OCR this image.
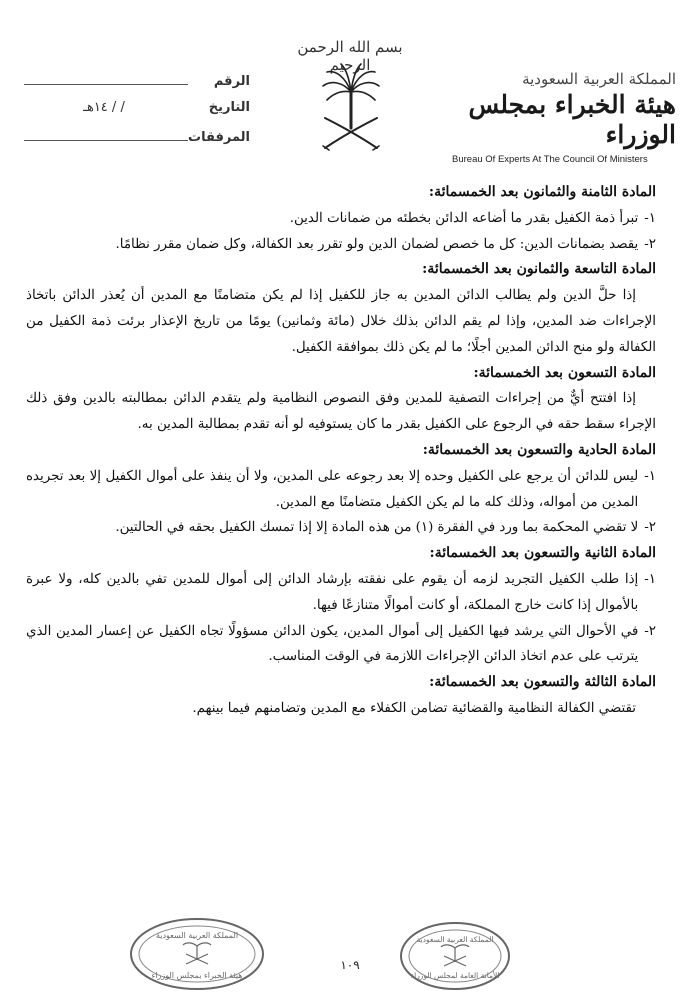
بسم الله الرحمن الرحيم
الرقم
التاريخ
/ / ١٤هـ
المرفقات
المملكة العربية السعودية
هيئة الخبراء بمجلس الوزراء
Bureau Of Experts At The Council Of Ministers

المادة الثامنة والثمانون بعد الخمسمائة:

١-
تبرأ ذمة الكفيل بقدر ما أضاعه الدائن بخطئه من ضمانات الدين.
٢-
يقصد بضمانات الدين: كل ما خصص لضمان الدين ولو تقرر بعد الكفالة، وكل ضمان مقرر نظامًا.

المادة التاسعة والثمانون بعد الخمسمائة:

إذا حلَّ الدين ولم يطالب الدائن المدين به جاز للكفيل إذا لم يكن متضامنًا مع المدين أن يُعذر الدائن باتخاذ الإجراءات ضد المدين، وإذا لم يقم الدائن بذلك خلال (مائة وثمانين) يومًا من تاريخ الإعذار برئت ذمة الكفيل من الكفالة ولو منح الدائن المدين أجلًا؛ ما لم يكن ذلك بموافقة الكفيل.

المادة التسعون بعد الخمسمائة:

إذا افتتح أيٌّ من إجراءات التصفية للمدين وفق النصوص النظامية ولم يتقدم الدائن بمطالبته بالدين وفق ذلك الإجراء سقط حقه في الرجوع على الكفيل بقدر ما كان يستوفيه لو أنه تقدم بمطالبة المدين به.

المادة الحادية والتسعون بعد الخمسمائة:

١-
ليس للدائن أن يرجع على الكفيل وحده إلا بعد رجوعه على المدين، ولا أن ينفذ على أموال الكفيل إلا بعد تجريده المدين من أمواله، وذلك كله ما لم يكن الكفيل متضامنًا مع المدين.
٢-
لا تقضي المحكمة بما ورد في الفقرة (١) من هذه المادة إلا إذا تمسك الكفيل بحقه في الحالتين.

المادة الثانية والتسعون بعد الخمسمائة:

١-
إذا طلب الكفيل التجريد لزمه أن يقوم على نفقته بإرشاد الدائن إلى أموال للمدين تفي بالدين كله، ولا عبرة بالأموال إذا كانت خارج المملكة، أو كانت أموالًا متنازعًا فيها.
٢-
في الأحوال التي يرشد فيها الكفيل إلى أموال المدين، يكون الدائن مسؤولًا تجاه الكفيل عن إعسار المدين الذي يترتب على عدم اتخاذ الدائن الإجراءات اللازمة في الوقت المناسب.

المادة الثالثة والتسعون بعد الخمسمائة:

تقتضي الكفالة النظامية والقضائية تضامن الكفلاء مع المدين وتضامنهم فيما بينهم.

المملكة العربية السعودية
هيئة الخبراء بمجلس الوزراء
١٠٩
المملكة العربية السعودية
الأمانة العامة لمجلس الوزراء
